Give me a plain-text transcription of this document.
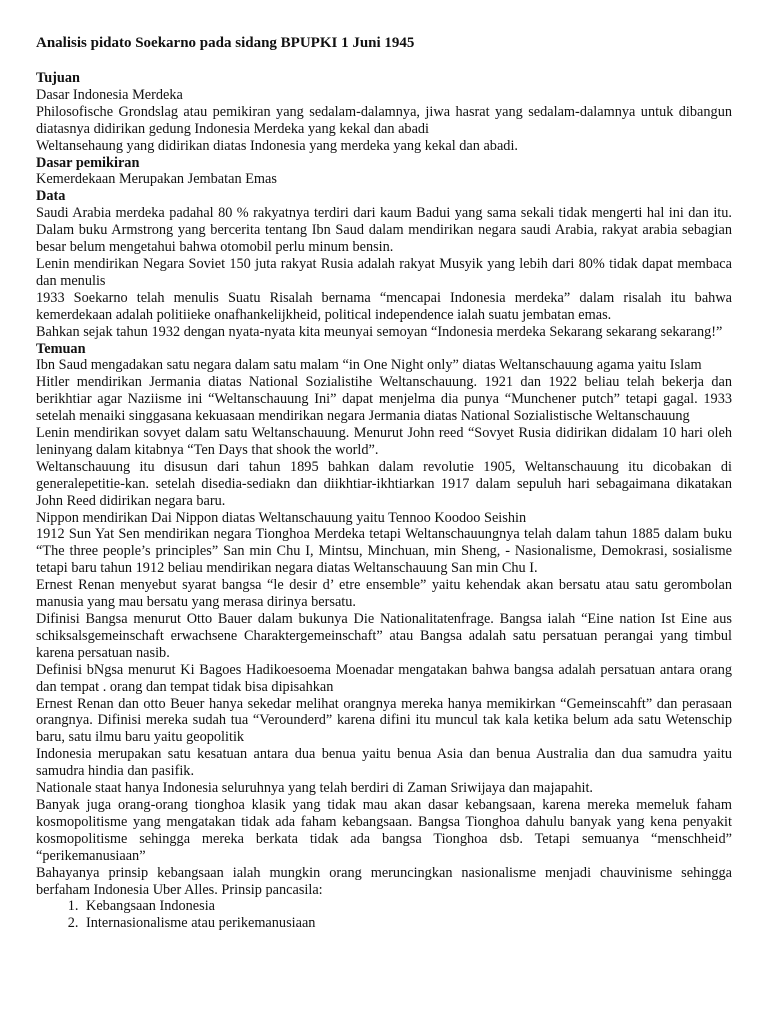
Analisis pidato Soekarno pada sidang BPUPKI 1 Juni 1945

Tujuan

Dasar Indonesia Merdeka

Philosofische Grondslag atau pemikiran yang sedalam-dalamnya, jiwa hasrat yang sedalam-dalamnya untuk dibangun diatasnya didirikan gedung Indonesia Merdeka yang kekal dan abadi

Weltansehaung yang didirikan diatas Indonesia yang merdeka yang kekal dan abadi.

Dasar pemikiran

Kemerdekaan Merupakan Jembatan Emas

Data

Saudi Arabia merdeka padahal 80 % rakyatnya terdiri dari kaum Badui yang sama sekali tidak mengerti hal ini dan itu. Dalam buku Armstrong yang bercerita tentang Ibn Saud dalam mendirikan negara saudi Arabia, rakyat arabia sebagian besar belum mengetahui bahwa otomobil perlu minum bensin.

Lenin mendirikan Negara Soviet 150 juta rakyat Rusia adalah rakyat Musyik yang lebih dari 80% tidak dapat membaca dan menulis

1933 Soekarno telah menulis Suatu Risalah bernama “mencapai Indonesia merdeka” dalam risalah itu bahwa kemerdekaan adalah politiieke onafhankelijkheid, political independence ialah suatu jembatan emas.

Bahkan sejak tahun 1932 dengan nyata-nyata kita meunyai semoyan “Indonesia merdeka Sekarang sekarang sekarang!”

Temuan

Ibn Saud mengadakan satu negara dalam satu malam “in One Night only” diatas Weltanschauung agama yaitu Islam

Hitler mendirikan Jermania diatas National Sozialistihe Weltanschauung. 1921 dan 1922 beliau telah bekerja dan berikhtiar agar Naziisme ini “Weltanschauung Ini” dapat menjelma dia punya “Munchener putch” tetapi gagal. 1933 setelah menaiki singgasana kekuasaan mendirikan negara Jermania diatas National Sozialistische Weltanschauung

Lenin mendirikan sovyet dalam satu Weltanschauung. Menurut John reed “Sovyet Rusia didirikan didalam 10 hari oleh leninyang dalam kitabnya “Ten Days that shook the world”.

Weltanschauung itu disusun dari tahun 1895 bahkan dalam revolutie 1905, Weltanschauung itu dicobakan di generalepetitie-kan. setelah disedia-sediakn dan diikhtiar-ikhtiarkan 1917 dalam sepuluh hari sebagaimana dikatakan John Reed didirikan negara baru.

Nippon mendirikan Dai Nippon diatas Weltanschauung yaitu Tennoo Koodoo Seishin

1912 Sun Yat Sen mendirikan negara Tionghoa Merdeka tetapi Weltanschauungnya telah dalam tahun 1885 dalam buku “The three people’s principles” San min Chu I, Mintsu, Minchuan, min Sheng, - Nasionalisme, Demokrasi, sosialisme tetapi baru tahun 1912 beliau mendirikan negara diatas Weltanschauung San min Chu I.

Ernest Renan menyebut syarat bangsa “le desir d’ etre ensemble” yaitu kehendak akan bersatu atau satu gerombolan manusia yang mau bersatu yang merasa dirinya bersatu.

Difinisi Bangsa menurut Otto Bauer dalam bukunya Die Nationalitatenfrage. Bangsa ialah “Eine nation Ist Eine aus schiksalsgemeinschaft erwachsene Charaktergemeinschaft” atau Bangsa adalah satu persatuan perangai yang timbul karena persatuan nasib.

Definisi bNgsa menurut Ki Bagoes Hadikoesoema Moenadar mengatakan bahwa bangsa adalah persatuan antara orang dan tempat . orang dan tempat tidak bisa dipisahkan

Ernest Renan dan otto Beuer hanya sekedar melihat orangnya mereka hanya memikirkan “Gemeinscahft” dan perasaan orangnya. Difinisi mereka sudah tua “Verounderd” karena difini itu muncul tak kala ketika belum ada satu Wetenschip baru, satu ilmu baru yaitu geopolitik

Indonesia merupakan satu kesatuan antara dua benua yaitu benua Asia dan benua Australia dan dua samudra yaitu samudra hindia dan pasifik.

Nationale staat hanya Indonesia seluruhnya yang telah berdiri di Zaman Sriwijaya dan majapahit.

Banyak juga orang-orang tionghoa klasik yang tidak mau akan dasar kebangsaan, karena mereka memeluk faham kosmopolitisme yang mengatakan tidak ada faham kebangsaan. Bangsa Tionghoa dahulu banyak yang kena penyakit kosmopolitisme sehingga mereka berkata tidak ada bangsa Tionghoa dsb. Tetapi semuanya “menschheid” “perikemanusiaan”

Bahayanya prinsip kebangsaan ialah mungkin orang meruncingkan nasionalisme menjadi chauvinisme sehingga berfaham Indonesia Uber Alles. Prinsip pancasila:

1. Kebangsaan Indonesia
2. Internasionalisme atau perikemanusiaan
